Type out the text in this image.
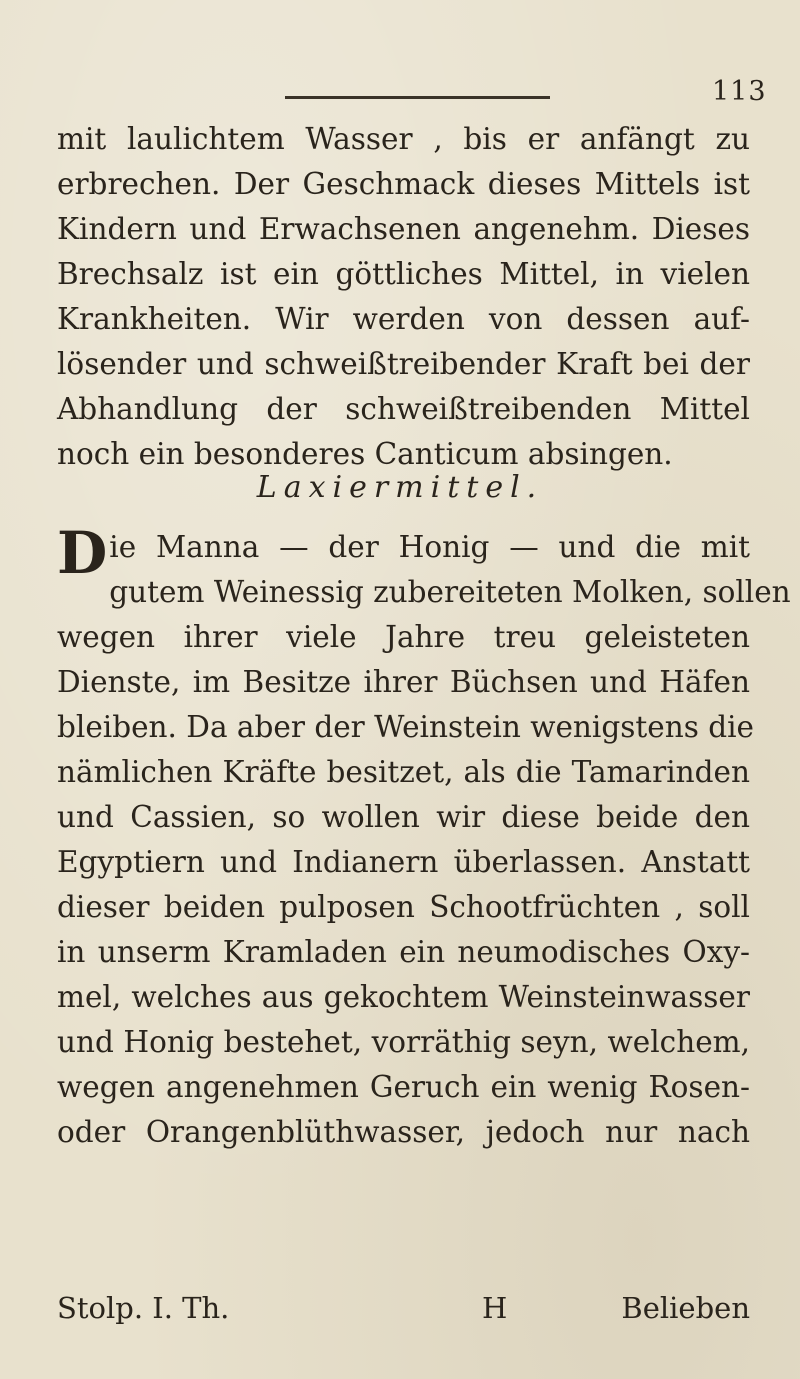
113
mit laulichtem Wasser , bis er anfängt zu
erbrechen. Der Geschmack dieses Mittels ist
Kindern und Erwachsenen angenehm. Dieses
Brechsalz ist ein göttliches Mittel, in vielen
Krankheiten. Wir werden von dessen auf-
lösender und schweißtreibender Kraft bei der
Abhandlung der schweißtreibenden Mittel
noch ein besonderes Canticum absingen.
Laxiermittel.
D ie Manna — der Honig — und die mit
gutem Weinessig zubereiteten Molken, sollen
wegen ihrer viele Jahre treu geleisteten
Dienste, im Besitze ihrer Büchsen und Häfen
bleiben. Da aber der Weinstein wenigstens die
nämlichen Kräfte besitzet, als die Tamarinden
und Cassien, so wollen wir diese beide den
Egyptiern und Indianern überlassen. Anstatt
dieser beiden pulposen Schootfrüchten , soll
in unserm Kramladen ein neumodisches Oxy-
mel, welches aus gekochtem Weinsteinwasser
und Honig bestehet, vorräthig seyn, welchem,
wegen angenehmen Geruch ein wenig Rosen-
oder Orangenblüthwasser, jedoch nur nach
Stolp. I. Th.	H	Belieben
